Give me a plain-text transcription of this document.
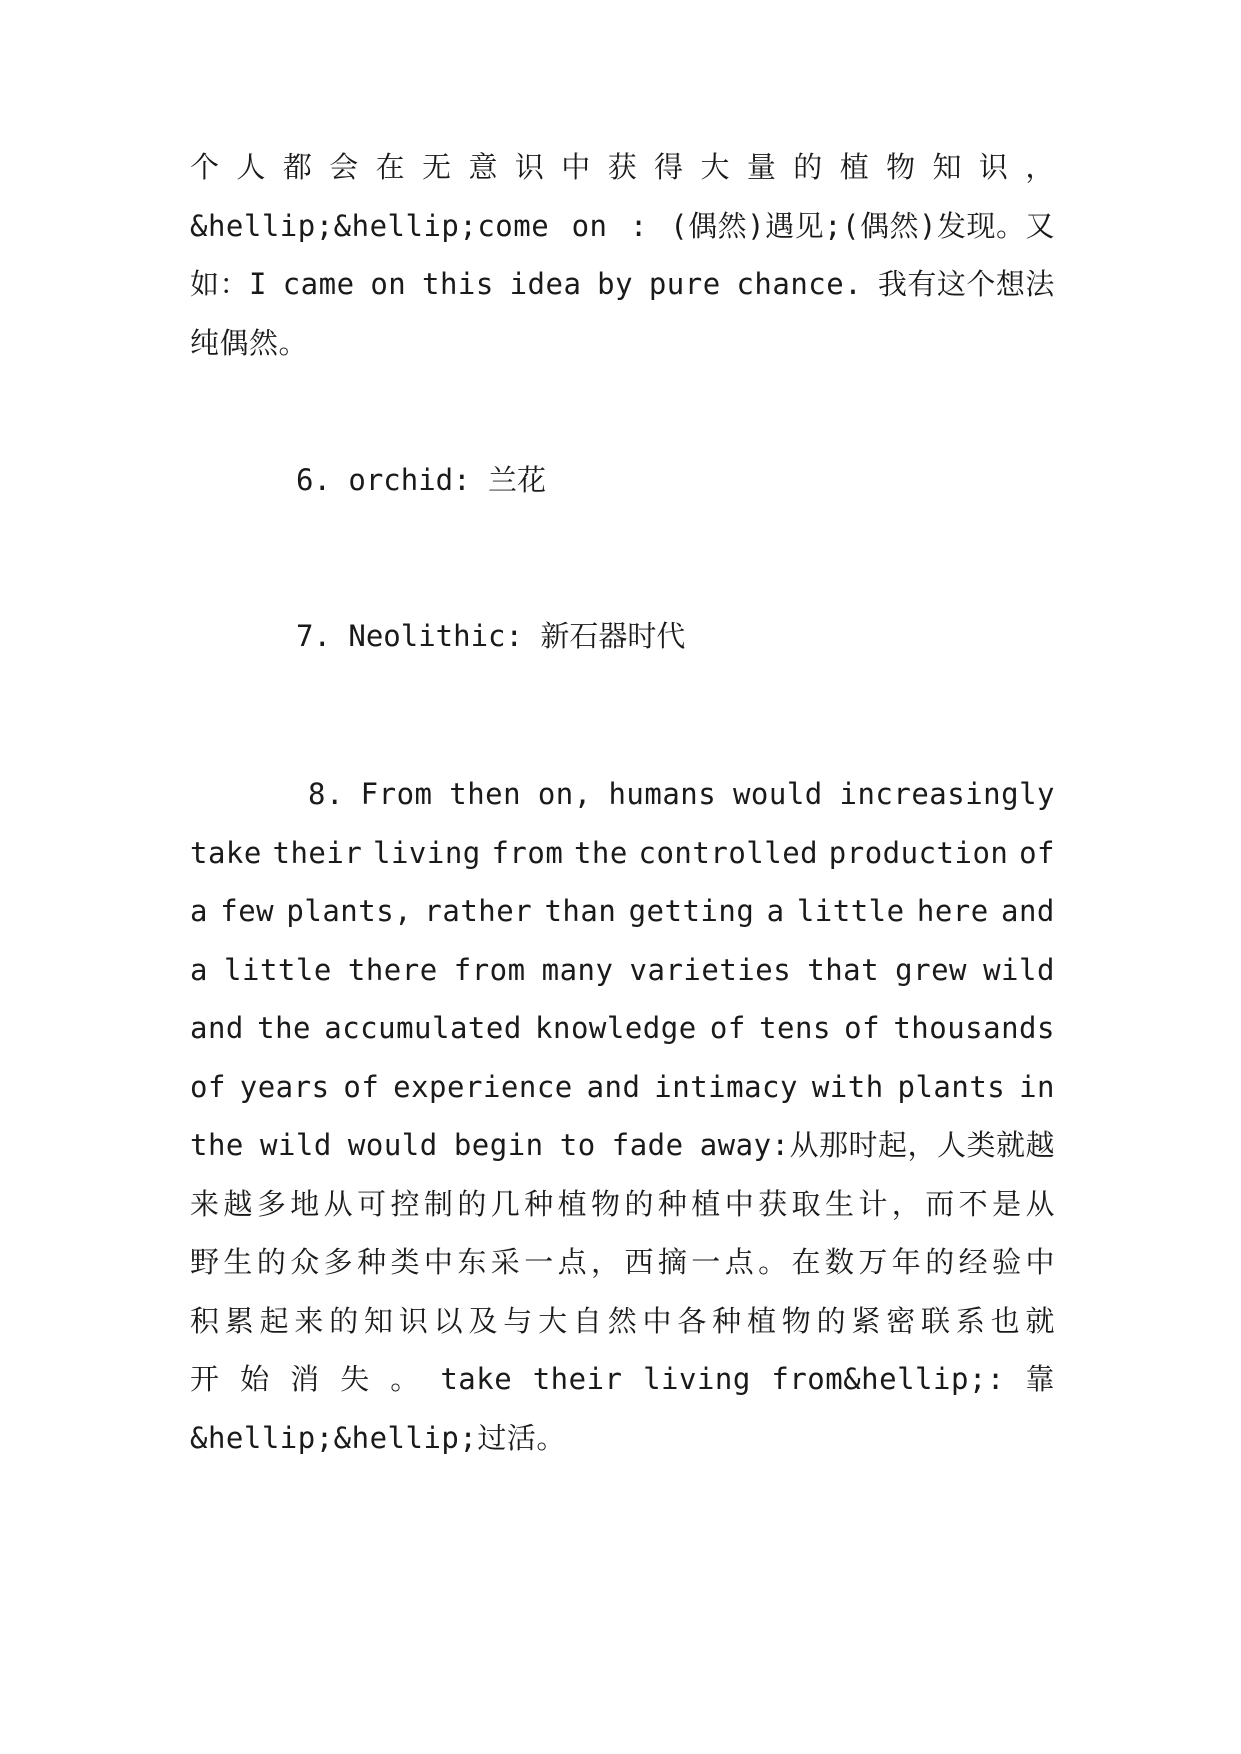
个 人 都 会 在 无 意 识 中 获 得 大 量 的 植 物 知 识 ，
&hellip;&hellip;come on : (偶然)遇见;(偶然)发现。又
如：I came on this idea by pure chance. 我有这个想法
纯偶然。
6. orchid: 兰花
7. Neolithic: 新石器时代
8. From then on, humans would increasingly
take their living from the controlled production of
a few plants, rather than getting a little here and
a little there from many varieties that grew wild
and the accumulated knowledge of tens of thousands
of years of experience and intimacy with plants in
the wild would begin to fade away:从那时起，人类就越
来越多地从可控制的几种植物的种植中获取生计，而不是从
野生的众多种类中东采一点，西摘一点。在数万年的经验中
积累起来的知识以及与大自然中各种植物的紧密联系也就
开 始 消 失 。 take their living from&hellip;: 靠
&hellip;&hellip;过活。
